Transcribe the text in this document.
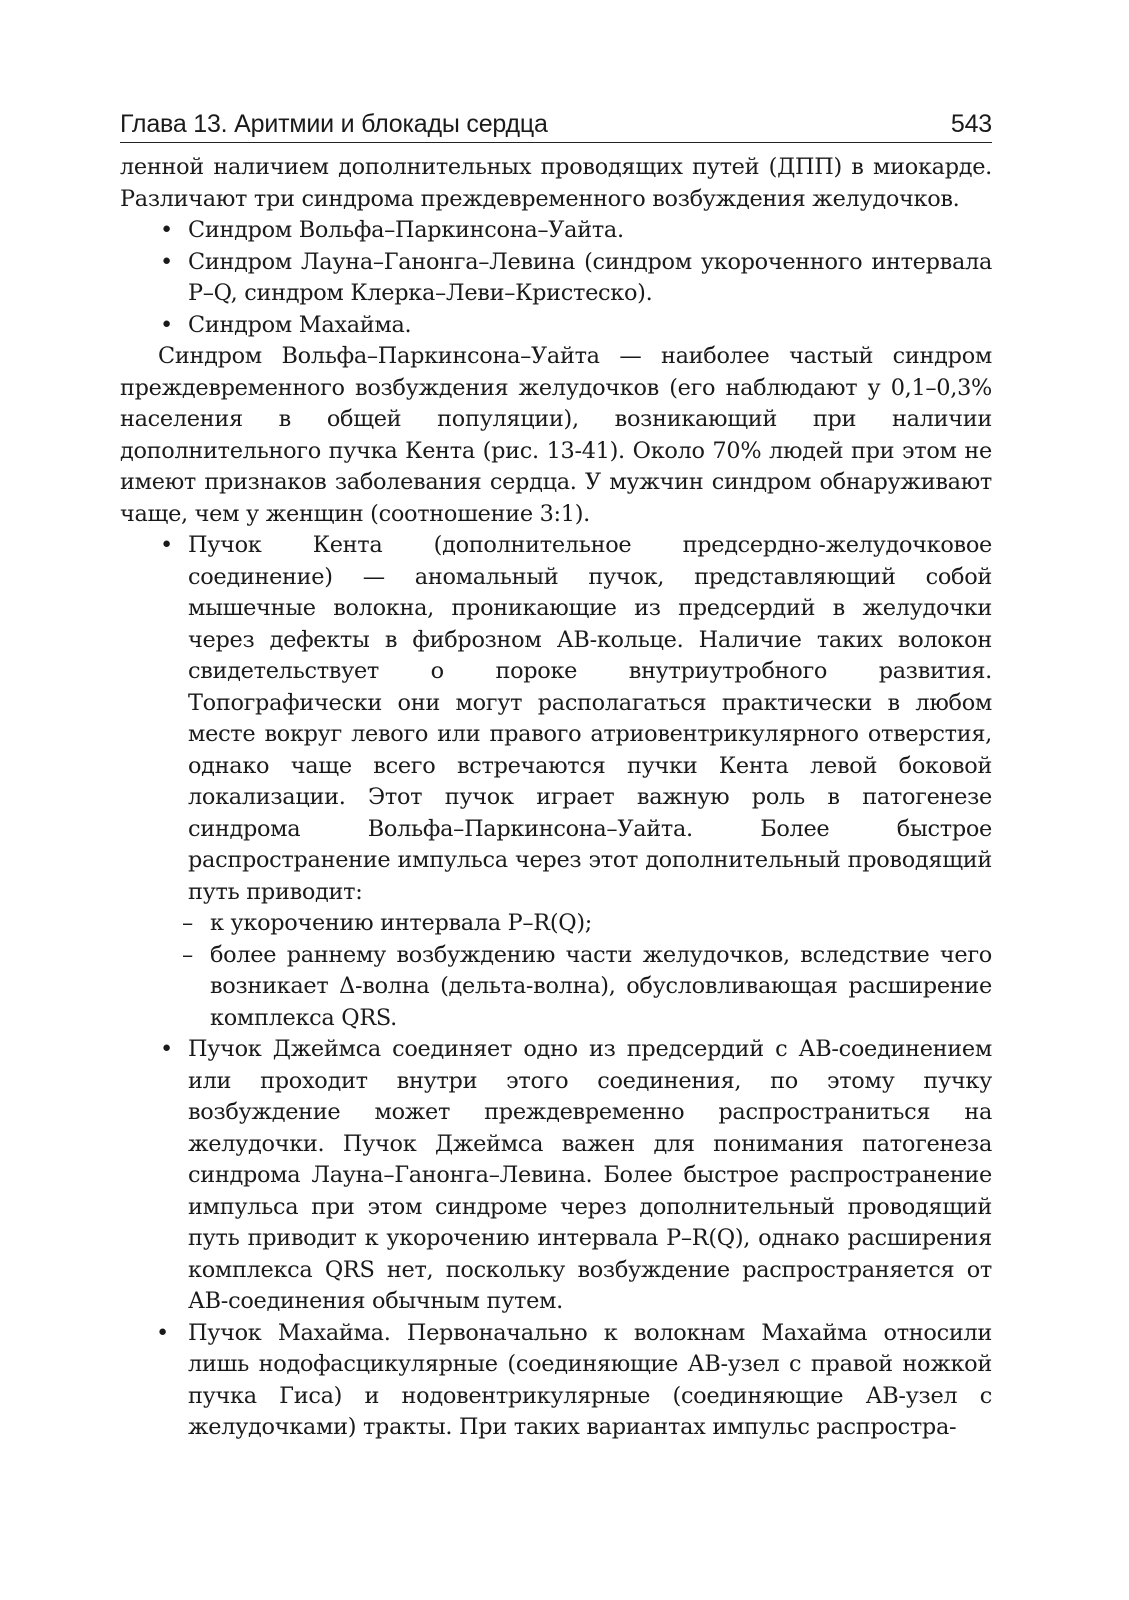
Глава 13. Аритмии и блокады сердца	543

ленной наличием дополнительных проводящих путей (ДПП) в миокарде. Различают три синдрома преждевременного возбуждения желудочков.

• Синдром Вольфа–Паркинсона–Уайта.

• Синдром Лауна–Ганонга–Левина (синдром укороченного интервала P–Q, синдром Клерка–Леви–Кристеско).

• Синдром Махайма.

Синдром Вольфа–Паркинсона–Уайта — наиболее частый синдром преждевременного возбуждения желудочков (его наблюдают у 0,1–0,3% населения в общей популяции), возникающий при наличии дополнительного пучка Кента (рис. 13-41). Около 70% людей при этом не имеют признаков заболевания сердца. У мужчин синдром обнаруживают чаще, чем у женщин (соотношение 3:1).

• Пучок Кента (дополнительное предсердно-желудочковое соединение) — аномальный пучок, представляющий собой мышечные волокна, проникающие из предсердий в желудочки через дефекты в фиброзном АВ-кольце. Наличие таких волокон свидетельствует о пороке внутриутробного развития. Топографически они могут располагаться практически в любом месте вокруг левого или правого атриовентрикулярного отверстия, однако чаще всего встречаются пучки Кента левой боковой локализации. Этот пучок играет важную роль в патогенезе синдрома Вольфа–Паркинсона–Уайта. Более быстрое распространение импульса через этот дополнительный проводящий путь приводит:

– к укорочению интервала P–R(Q);

– более раннему возбуждению части желудочков, вследствие чего возникает Δ-волна (дельта-волна), обусловливающая расширение комплекса QRS.

• Пучок Джеймса соединяет одно из предсердий с АВ-соединением или проходит внутри этого соединения, по этому пучку возбуждение может преждевременно распространиться на желудочки. Пучок Джеймса важен для понимания патогенеза синдрома Лауна–Ганонга–Левина. Более быстрое распространение импульса при этом синдроме через дополнительный проводящий путь приводит к укорочению интервала P–R(Q), однако расширения комплекса QRS нет, поскольку возбуждение распространяется от АВ-соединения обычным путем.

• Пучок Махайма. Первоначально к волокнам Махайма относили лишь нодофасцикулярные (соединяющие АВ-узел с правой ножкой пучка Гиса) и нодовентрикулярные (соединяющие АВ-узел с желудочками) тракты. При таких вариантах импульс распростра-
